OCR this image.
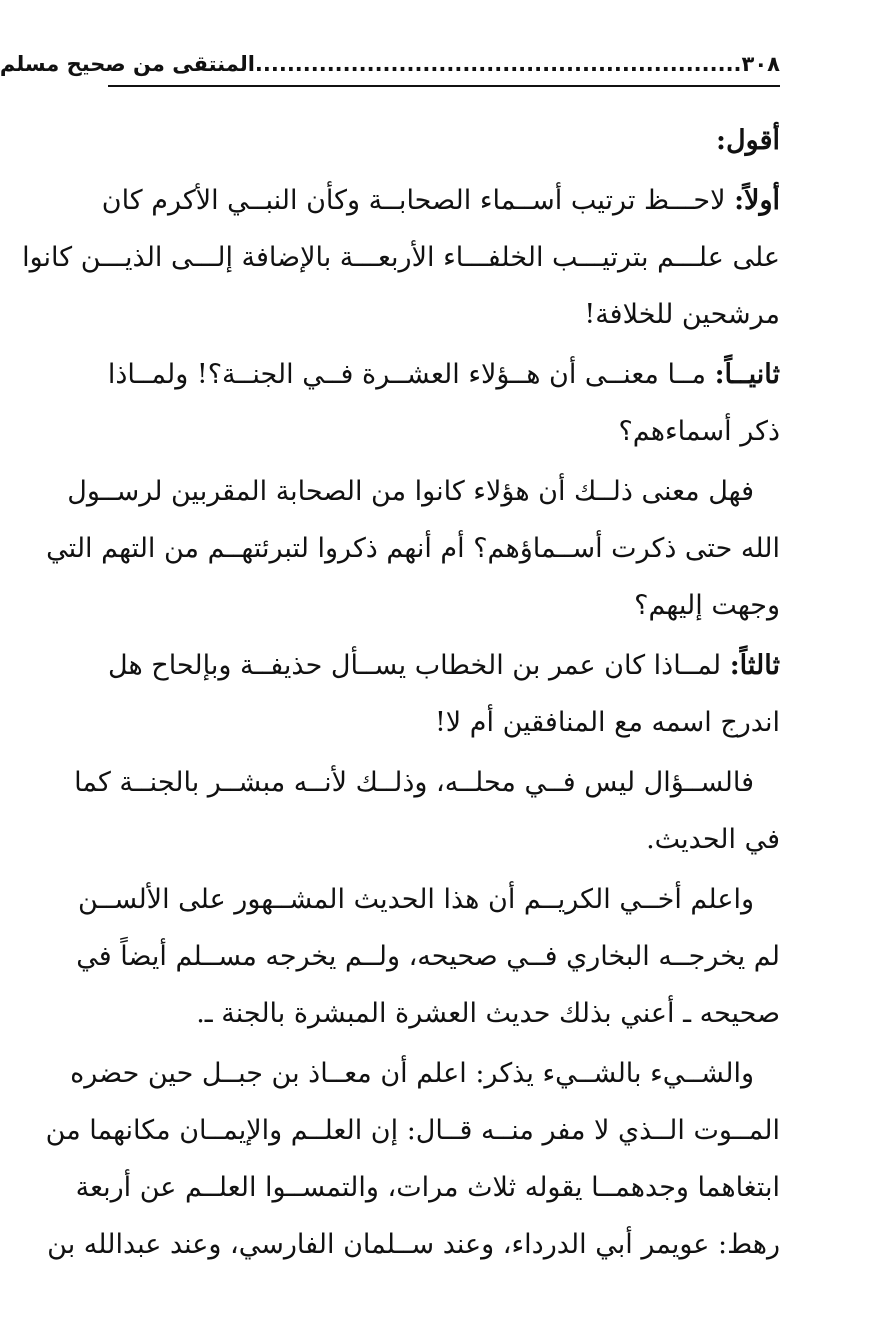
٣٠٨
.............................................................المنتقى من صحيح مسلم
أقول:
أولاً: لاحـــظ ترتيب أســماء الصحابــة وكأن النبــي الأكرم كان
على علـــم بترتيـــب الخلفـــاء الأربعـــة بالإضافة إلـــى الذيـــن كانوا
مرشحين للخلافة!
ثانيــاً: مــا معنــى أن هــؤلاء العشــرة فــي الجنــة؟! ولمــاذا
ذكر أسماءهم؟
فهل معنى ذلــك أن هؤلاء كانوا من الصحابة المقربين لرســول
الله حتى ذكرت أســماؤهم؟ أم أنهم ذكروا لتبرئتهــم من التهم التي
وجهت إليهم؟
ثالثاً: لمــاذا كان عمر بن الخطاب يســأل حذيفــة وبإلحاح هل
اندرج اسمه مع المنافقين أم لا!
فالســؤال ليس فــي محلــه، وذلــك لأنــه مبشــر بالجنــة كما
في الحديث.
واعلم أخــي الكريــم أن هذا الحديث المشــهور على الألســن
لم يخرجــه البخاري فــي صحيحه، ولــم يخرجه مســلم أيضاً في
صحيحه ـ أعني بذلك حديث العشرة المبشرة بالجنة ـ.
والشــيء بالشــيء يذكر: اعلم أن معــاذ بن جبــل حين حضره
المــوت الــذي لا مفر منــه قــال: إن العلــم والإيمــان مكانهما من
ابتغاهما وجدهمــا يقوله ثلاث مرات، والتمســوا العلــم عن أربعة
رهط: عويمر أبي الدرداء، وعند ســلمان الفارسي، وعند عبدالله بن
